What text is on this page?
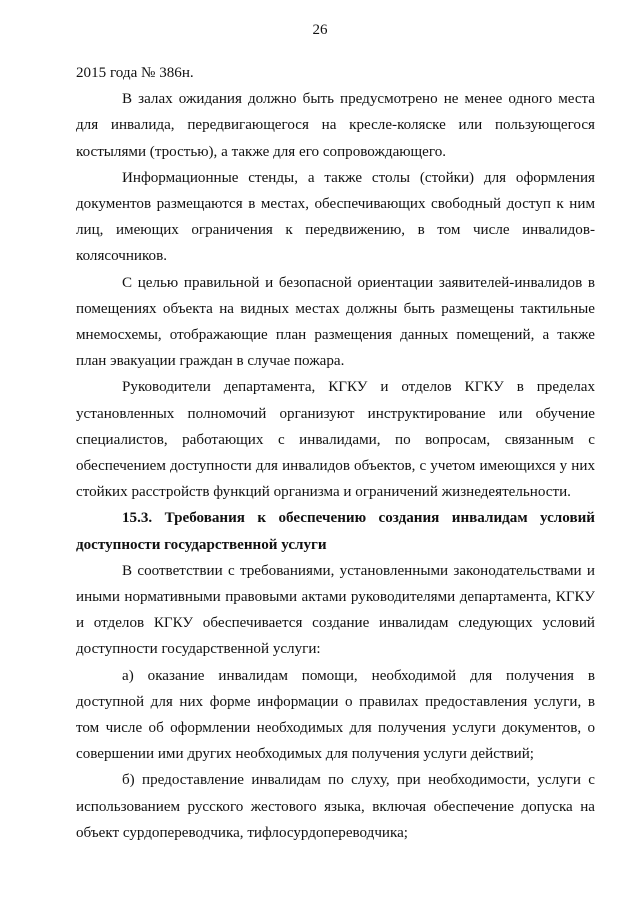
26

2015 года № 386н.

В залах ожидания должно быть предусмотрено не менее одного места для инвалида, передвигающегося на кресле-коляске или пользующегося костылями (тростью), а также для его сопровождающего.

Информационные стенды, а также столы (стойки) для оформления документов размещаются в местах, обеспечивающих свободный доступ к ним лиц, имеющих ограничения к передвижению, в том числе инвалидов-колясочников.

С целью правильной и безопасной ориентации заявителей-инвалидов в помещениях объекта на видных местах должны быть размещены тактильные мнемосхемы, отображающие план размещения данных помещений, а также план эвакуации граждан в случае пожара.

Руководители департамента, КГКУ и отделов КГКУ в пределах установленных полномочий организуют инструктирование или обучение специалистов, работающих с инвалидами, по вопросам, связанным с обеспечением доступности для инвалидов объектов, с учетом имеющихся у них стойких расстройств функций организма и ограничений жизнедеятельности.

15.3. Требования к обеспечению создания инвалидам условий доступности государственной услуги

В соответствии с требованиями, установленными законодательствами и иными нормативными правовыми актами руководителями департамента, КГКУ и отделов КГКУ обеспечивается создание инвалидам следующих условий доступности государственной услуги:

а) оказание инвалидам помощи, необходимой для получения в доступной для них форме информации о правилах предоставления услуги, в том числе об оформлении необходимых для получения услуги документов, о совершении ими других необходимых для получения услуги действий;

б) предоставление инвалидам по слуху, при необходимости, услуги с использованием русского жестового языка, включая обеспечение допуска на объект сурдопереводчика, тифлосурдопереводчика;
